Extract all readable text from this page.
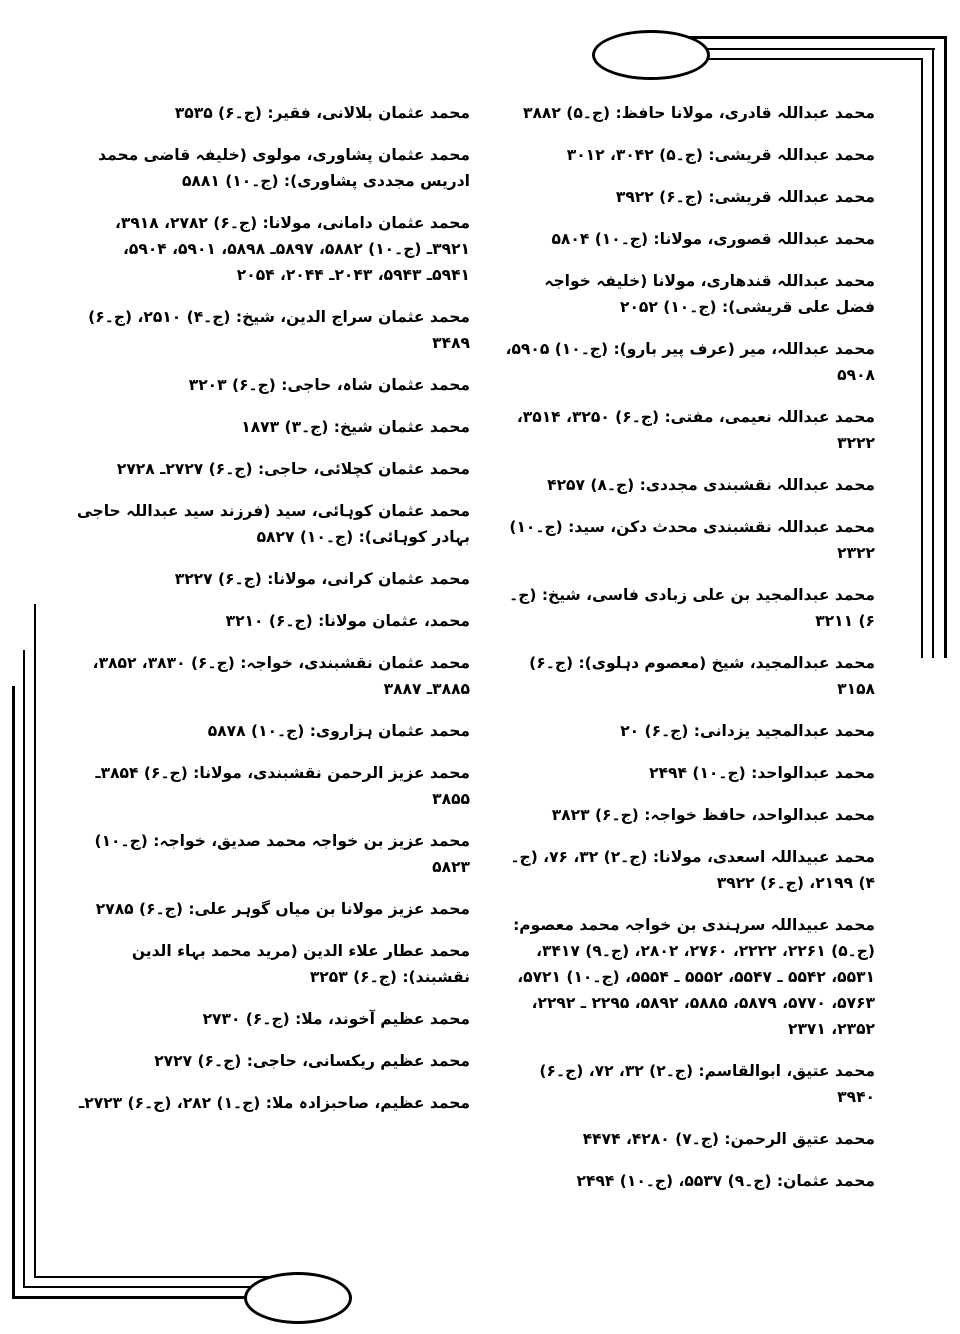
محمد عبداللہ قادری، مولانا حافظ: (ج۔۵) ۳۸۸۲
محمد عبداللہ قریشی: (ج۔۵) ۳۰۴۲، ۳۰۱۲
محمد عبداللہ قریشی: (ج۔۶) ۳۹۲۲
محمد عبداللہ قصوری، مولانا: (ج۔۱۰) ۵۸۰۴
محمد عبداللہ قندھاری، مولانا (خلیفہ خواجہ فضل علی قریشی): (ج۔۱۰) ۲۰۵۲
محمد عبداللہ، میر (عرف پیر بارو): (ج۔۱۰) ۵۹۰۵، ۵۹۰۸
محمد عبداللہ نعیمی، مفتی: (ج۔۶) ۳۲۵۰، ۳۵۱۴، ۳۲۲۲
محمد عبداللہ نقشبندی مجددی: (ج۔۸) ۴۲۵۷
محمد عبداللہ نقشبندی محدث دکن، سید: (ج۔۱۰) ۲۳۲۲
محمد عبدالمجید بن علی زبادی فاسی، شیخ: (ج۔۶) ۳۲۱۱
محمد عبدالمجید، شیخ (معصوم دہلوی): (ج۔۶) ۳۱۵۸
محمد عبدالمجید یزدانی: (ج۔۶) ۲۰
محمد عبدالواحد: (ج۔۱۰) ۲۴۹۴
محمد عبدالواحد، حافظ خواجہ: (ج۔۶) ۳۸۲۳
محمد عبیداللہ اسعدی، مولانا: (ج۔۲) ۳۲، ۷۶، (ج۔۴) ۲۱۹۹، (ج۔۶) ۳۹۲۲
محمد عبیداللہ سرہندی بن خواجہ محمد معصوم: (ج۔۵) ۲۲۶۱، ۲۲۲۲، ۲۷۶۰، ۲۸۰۲، (ج۔۹) ۳۴۱۷، ۵۵۳۱، ۵۵۴۲ ـ ۵۵۴۷، ۵۵۵۲ ـ ۵۵۵۴، (ج۔۱۰) ۵۷۲۱، ۵۷۶۳، ۵۷۷۰، ۵۸۷۹، ۵۸۸۵، ۵۸۹۲، ۲۲۹۵ ـ ۲۲۹۲، ۲۳۵۲، ۲۳۷۱
محمد عتیق، ابوالقاسم: (ج۔۲) ۳۲، ۷۲، (ج۔۶) ۳۹۴۰
محمد عتیق الرحمن: (ج۔۷) ۴۲۸۰، ۴۴۷۴
محمد عثمان: (ج۔۹) ۵۵۳۷، (ج۔۱۰) ۲۴۹۴
محمد عثمان بلالانی، فقیر: (ج۔۶) ۳۵۳۵
محمد عثمان پشاوری، مولوی (خلیفہ قاضی محمد ادریس مجددی پشاوری): (ج۔۱۰) ۵۸۸۱
محمد عثمان دامانی، مولانا: (ج۔۶) ۲۷۸۲، ۳۹۱۸، ۳۹۲۱ـ (ج۔۱۰) ۵۸۸۲، ۵۸۹۷ـ ۵۸۹۸، ۵۹۰۱، ۵۹۰۴، ۵۹۴۱ـ ۵۹۴۳، ۲۰۴۳ـ ۲۰۴۴، ۲۰۵۴
محمد عثمان سراج الدین، شیخ: (ج۔۴) ۲۵۱۰، (ج۔۶) ۳۴۸۹
محمد عثمان شاہ، حاجی: (ج۔۶) ۳۲۰۳
محمد عثمان شیخ: (ج۔۳) ۱۸۷۳
محمد عثمان کچلائی، حاجی: (ج۔۶) ۲۷۲۷ـ ۲۷۲۸
محمد عثمان کوہائی، سید (فرزند سید عبداللہ حاجی بہادر کوہائی): (ج۔۱۰) ۵۸۲۷
محمد عثمان کرانی، مولانا: (ج۔۶) ۳۲۲۷
محمد، عثمان مولانا: (ج۔۶) ۳۲۱۰
محمد عثمان نقشبندی، خواجہ: (ج۔۶) ۳۸۳۰، ۳۸۵۲، ۳۸۸۵ـ ۳۸۸۷
محمد عثمان ہزاروی: (ج۔۱۰) ۵۸۷۸
محمد عزیز الرحمن نقشبندی، مولانا: (ج۔۶) ۳۸۵۴ـ ۳۸۵۵
محمد عزیز بن خواجہ محمد صدیق، خواجہ: (ج۔۱۰) ۵۸۲۳
محمد عزیز مولانا بن میاں گوہر علی: (ج۔۶) ۲۷۸۵
محمد عطار علاء الدین (مرید محمد بہاء الدین نقشبند): (ج۔۶) ۳۲۵۳
محمد عظیم آخوند، ملا: (ج۔۶) ۲۷۳۰
محمد عظیم ریکسانی، حاجی: (ج۔۶) ۲۷۲۷
محمد عظیم، صاحبزادہ ملا: (ج۔۱) ۲۸۲، (ج۔۶) ۲۷۲۳ـ
